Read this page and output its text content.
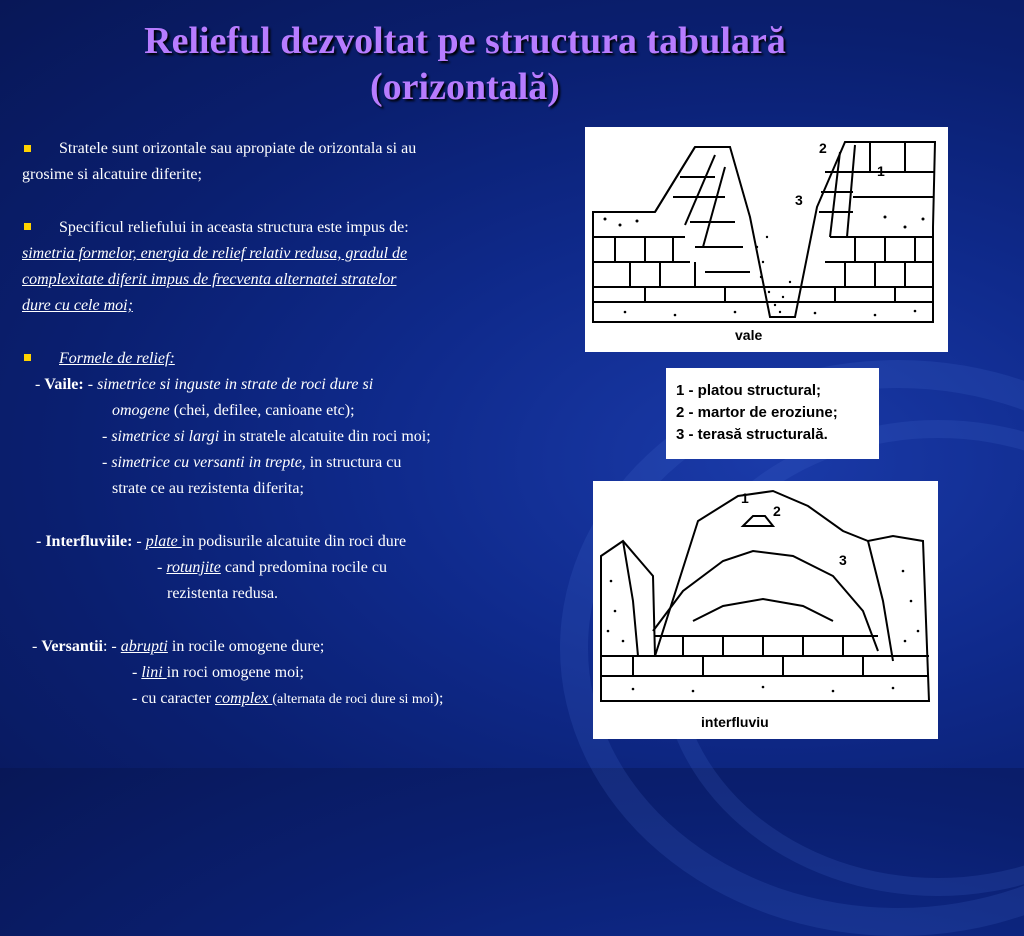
Relieful dezvoltat pe structura tabulară
(orizontală)
Stratele sunt orizontale sau apropiate de orizontala si au
grosime si alcatuire diferite;
Specificul reliefului in aceasta structura este impus de:
simetria formelor, energia de relief relativ redusa, gradul de
complexitate diferit impus de frecventa alternatei stratelor
dure cu cele moi;
Formele de relief:
- Vaile: - simetrice si inguste in strate de roci dure si
omogene (chei, defilee, canioane etc);
- simetrice si largi in stratele alcatuite din roci moi;
- simetrice cu versanti in trepte, in structura cu
strate ce au rezistenta diferita;
- Interfluviile: - plate in podisurile alcatuite din roci dure
- rotunjite cand predomina rocile cu
rezistenta redusa.
- Versantii: - abrupti in rocile omogene dure;
- lini in roci omogene moi;
- cu caracter complex (alternata de roci dure si moi);
2
1
3
vale
1 - platou structural;
2 - martor de eroziune;
3 - terasă structurală.
1
2
3
interfluviu
